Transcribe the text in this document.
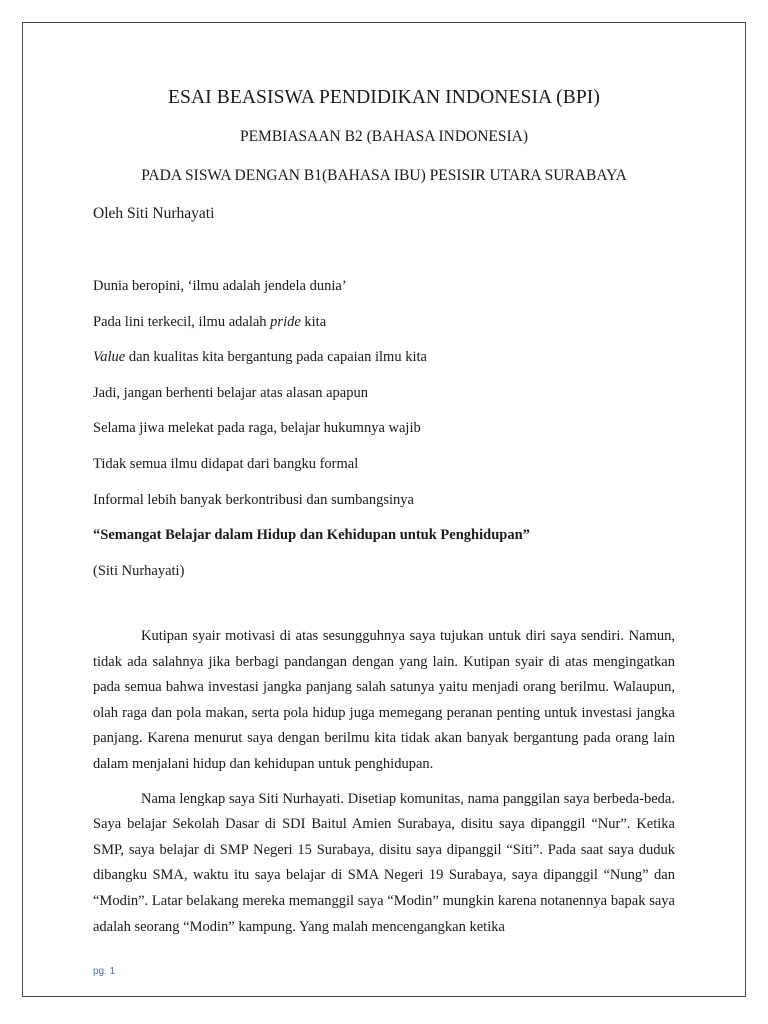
ESAI BEASISWA PENDIDIKAN INDONESIA (BPI)
PEMBIASAAN B2 (BAHASA INDONESIA)
PADA SISWA DENGAN B1(BAHASA IBU) PESISIR UTARA SURABAYA
Oleh Siti Nurhayati
Dunia beropini, ‘ilmu adalah jendela dunia’
Pada lini terkecil, ilmu adalah pride kita
Value dan kualitas kita bergantung pada capaian ilmu kita
Jadi, jangan berhenti belajar atas alasan apapun
Selama jiwa melekat pada raga, belajar hukumnya wajib
Tidak semua ilmu didapat dari bangku formal
Informal lebih banyak berkontribusi dan sumbangsinya
“Semangat Belajar dalam Hidup dan Kehidupan untuk Penghidupan”
(Siti Nurhayati)

Kutipan syair motivasi di atas sesungguhnya saya tujukan untuk diri saya sendiri. Namun, tidak ada salahnya jika berbagi pandangan dengan yang lain. Kutipan syair di atas mengingatkan pada semua bahwa investasi jangka panjang salah satunya yaitu menjadi orang berilmu. Walaupun, olah raga dan pola makan, serta pola hidup juga memegang peranan penting untuk investasi jangka panjang. Karena menurut saya dengan berilmu kita tidak akan banyak bergantung pada orang lain dalam menjalani hidup dan kehidupan untuk penghidupan.

Nama lengkap saya Siti Nurhayati. Disetiap komunitas, nama panggilan saya berbeda-beda. Saya belajar Sekolah Dasar di SDI Baitul Amien Surabaya, disitu saya dipanggil “Nur”. Ketika SMP, saya belajar di SMP Negeri 15 Surabaya, disitu saya dipanggil “Siti”. Pada saat saya duduk dibangku SMA, waktu itu saya belajar di SMA Negeri 19 Surabaya, saya dipanggil “Nung” dan “Modin”. Latar belakang mereka memanggil saya “Modin” mungkin karena notanennya bapak saya adalah seorang “Modin” kampung. Yang malah mencengangkan ketika

pg. 1
